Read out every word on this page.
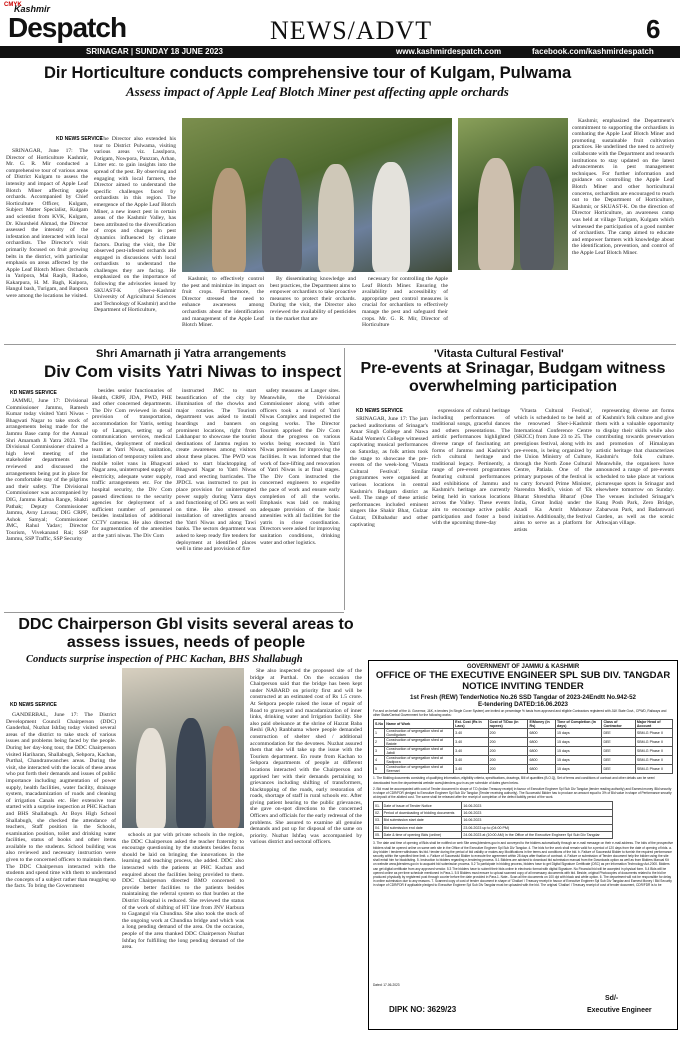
CMYK
Kashmir
Despatch	NEWS/ADVT	6
SRINAGAR | SUNDAY 18 JUNE 2023	www.kashmirdespatch.com	facebook.com/kashmirdespatch
Dir Horticulture conducts comprehensive tour of Kulgam, Pulwama
Assess impact of Apple Leaf Blotch Miner pest affecting apple orchards
KD NEWS SERVICE

SRINAGAR, June 17: The Director of Horticulture Kashmir, Mr. G. R. Mir conducted a comprehensive tour of various areas of District Kulgam to assess the intensity and impact of Apple Leaf Blotch Miner affecting apple orchards. Accompanied by Chief Horticulture Officer, Kulgam, Subject Matter Specialist, Kulgam and scientist from KVK, Kulgam, Dr. Khursheid Ahmad, the Director assessed the intensity of the infestation and interacted with local orchardists. The Director's visit primarily focused on fruit growing belts in the district, with particular emphasis on areas affected by the Apple Leaf Blotch Miner. Orchards in Yaripora, Mai Raqib, Radoo, Kakarpura, H. M. Bagh, Kaipora, Hangul bash, Turigam, and Banpora were among the locations he visited.

The Director also extended his tour to District Pulwama, visiting various areas viz. Lasslpora, Potigam, Nowpora, Panzran, Arhan, Litter etc. to gain insights into the spread of the pest. By observing and engaging with local farmers, the Director aimed to understand the specific challenges faced by orchardists in this region. The emergence of the Apple Leaf Blotch Miner, a new insect pest in certain areas of the Kashmir Valley, has been attributed to the diversification of crops and changes in pest dynamics influenced by climate factors. During the visit, the Dir observed pest-infested orchards and engaged in discussions with local orchardists to understand the challenges they are facing. He emphasized on the importance of following the advisories issued by SKUAST-K (Sher-e-Kashmir University of Agricultural Sciences and Technology of Kashmir) and the Department of Horticulture,

Kashmir, to effectively control the pest and minimize its impact on fruit crops. Furthermore, the Director stressed the need to enhance awareness among orchardists about the identification and management of the Apple Leaf Blotch Miner.

By disseminating knowledge and best practices, the Department aims to empower orchardists to take proactive measures to protect their orchards. During the visit, the Director also reviewed the availability of pesticides in the market that are

necessary for controlling the Apple Leaf Blotch Miner. Ensuring the availability and accessibility of appropriate pest control measures is crucial for orchardists to effectively manage the pest and safeguard their crops. Mr. G. R. Mir, Director of Horticulture

Kashmir, emphasized the Department's commitment to supporting the orchardists in combating the Apple Leaf Blotch Miner and promoting sustainable fruit cultivation practices. He underlined the need to actively collaborate with the Department and research institutions to stay updated on the latest advancements in pest management techniques. For further information and guidance on controlling the Apple Leaf Blotch Miner and other horticultural concerns, orchardists are encouraged to reach out to the Department of Horticulture, Kashmir, or SKUAST-K. On the direction of Director Horticulture, an awareness camp was held at village Turigam, Kulgam which witnessed the participation of a good number of orchardists. The camp aimed to educate and empower farmers with knowledge about the identification, prevention, and control of the Apple Leaf Blotch Miner.

Shri Amarnath ji Yatra arrangements
Div Com visits Yatri Niwas to inspect
KD NEWS SERVICE

JAMMU, June 17: Divisional Commissioner Jammu, Ramesh Kumar today visited Yatri Niwas - Bhagwati Nagar to take stock of arrangements being made for the Jammu Base camp for the Annual Shri Amarnath Ji Yatra 2023. The Divisional Commissioner chaired a high level meeting of the stakeholder departments and reviewed and discussed the arrangements being put in place for the comfortable stay of the pilgrims and their safety. The Divisional Commissioner was accompanied by DIG, Jammu Kathua Range, Shakti Pathak; Deputy Commissioner Jammu, Avny Lavasa; DIG CRPF, Ashok Samyal; Commissioner JMC, Rahul Yadav; Director Tourism, Vivekanand Rai; SSP Jammu, SSP Traffic, SSP Security

besides senior functionaries of Health, CRPF, JDA, PWD, PHE and other concerned departments. The Div Com reviewed in detail provision of transportation, accommodation for Yatris, setting up of Langars, setting up of communication services, medical facilities, deployment of medical team at Yatri Niwas, sanitation, installation of temporary toilets and mobile toilet vans in Bhagwati Nagar area, uninterrupted supply of electricity, adequate water supply, traffic arrangements etc. For the hospital security, the Div Com passed directions to the security agencies for deployment of a sufficient number of personnel besides installation of additional CCTV cameras. He also directed for augmentation of the amenities at the yatri niwas. The Div Com

instructed JMC to start beautification of the city by illumination of the chowks and major rotaries. The Tourism department was asked to install hoardings and banners on prominent locations, right from Lakhanpur to showcase the tourist destinations of Jammu region to create awareness among visitors about these places. The PWD was asked to start blacktopping of Bhagwati Nagar to Yatri Niwas road and erecting barricades. The JPDCL was instructed to put in place provision for uninterrupted power supply during Yatra days and functioning of DG sets as well on time. He also stressed on installation of streetlights around the Yatri Niwas and along Tawi banks. The sectors department was asked to keep ready fire tenders for deployment at identified places well in time and provision of fire

safety measures at Langer sites. Meanwhile, the Divisional Commissioner along with other officers took a round of Yatri Niwas Complex and inspected the ongoing works. The Director Tourism apprised the Div Com about the progress on various works being executed in Yatri Niwas premises for improving the facilities. It was informed that the work of face-lifting and renovation of Yatri Niwas is at final stages. The Div Com instructed the concerned engineers to expedite the pace of work and ensure early completion of all the works. Emphasis was laid on making adequate provision of the basic amenities with all facilities for the yatris in close coordination. Directors were asked for improving sanitation conditions, drinking water and other logistics.

'Vitasta Cultural Festival'
Pre-events at Srinagar, Budgam witness overwhelming participation
KD NEWS SERVICE

SRINAGAR, June 17: The jam packed auditoriums of Srinagar's Amar Singh College and Nawa Kadal Women's College witnessed captivating musical performances on Saturday, as folk artists took the stage to showcase the pre-events of the week-long 'Vitasta Cultural Festival'. Similar programmes were organised at various locations in central Kashmir's Budgam district as well. The range of these artistic performances included eminent singers like Shakir Bhat, Gulzar Gulzar, Dilbahadur and other captivating

expressions of cultural heritage including performances of traditional songs, graceful dances and others presentations. The artistic performances highlighted diverse range of fascinating art forms of Jammu and Kashmir's rich cultural heritage and traditional legacy. Pertinently, a range of pre-event programmes featuring cultural performances and exhibitions of Jammu and Kashmir's heritage are currently being held in various locations across the Valley. These events aim to encourage active public participation and foster a bond with the upcoming three-day

'Vitasta Cultural Festival', which is scheduled to be held at the renowned Sher-i-Kashmir International Conference Centre (SKICC) from June 23 to 25. The prestigious festival, along with its pre-events, is being organized by the Union Ministry of Culture, through the North Zone Cultural Centre, Patiala. One of the primary purposes of the festival is to carry forward Prime Minister, Narendra Modi's, vision of 'Ek Bharat Shreshtha Bharat' (One India, Great India) under the Azadi Ka Amrit Mahotsav initiative. Additionally, the festival aims to serve as a platform for artists

representing diverse art forms of Kashmir's folk culture and give them with a valuable opportunity to display their skills while also contributing towards preservation and promotion of Himalayan artistic heritage that characterizes Kashmir's folk culture. Meanwhile, the organisers have announced a range of pre-events scheduled to take place at various picturesque spots in Srinagar and elsewhere tomorrow on Sunday. The venues included Srinagar's Kang Posh Park, Zero Bridge, Zabarwan Park, and Badamwari Garden, as well as the scenic Athwajan village.

DDC Chairperson Gbl visits several areas to assess issues, needs of people
Conducts surprise inspection of PHC Kachan, BHS Shallabugh
KD NEWS SERVICE

GANDERBAL, June 17: The District Development Council Chairperson (DDC) Ganderbal, Nuzhat Ishfaq today visited several areas of the district to take stock of various issues and problems being faced by the people. During her day-long tour, the DDC Chairperson visited Hariharan, Shallabugh, Sehpora, Kachan, Purthal, Chandranwanches areas. During the visit, she interacted with the locals of these areas who put forth their demands and issues of public importance including augmentation of power supply, health facilities, water facility, drainage system, macadamization of roads and cleaning of irrigation Canals etc. Her extensive tour started with a surprise inspection at PHC Kachan and BHS Shallabugh. At Boys High School Shallabugh, she checked the attendance of teachers, Staff position in the Schools, examination position, toilet and drinking water facilities, status of books and other items available to the students. School building was also reviewed and necessary instruction were given to the concerned officers to maintain them. The DDC Chairperson interacted with the students and spend time with them to understand the concepts of a subject rather than mugging up the facts. To bring the Government

schools at par with private schools in the region, the DDC Chairperson asked the teacher fraternity to encourage questioning by the students besides focus should be laid on bringing the innovations in the learning and teaching process, she added. DDC also interacted with the patients at PHC Kachan and enquired about the facilities being provided to them. DDC Chairperson directed BMO concerned to provide better facilities to the patients besides maintaining the referral system so that burden at the District Hospital is reduced. She reviewed the status of the work of shifting of HT line from JNV Harbura to Gagangul via Chundina. She also took the stock of the ongoing work at Chundina bridge and which was a long pending demand of the area. On the occasion, people of the area thanked DDC Chairperson Nuzhat Ishfaq for fulfilling the long pending demand of the area.

She also inspected the proposed site of the bridge at Purthal. On the occasion the Chairperson said that the bridge has been kept under NABARD on priority first and will be constructed at an estimated cost of Rs 1.5 crore. At Sehpora people raised the issue of repair of Road to graveyard and macadamization of inner links, drinking water and Irrigation facility. She also paid obeisance at the shrine of Hazrat Baba Reshi (RA) Ranbhama where people demanded construction of shelter shed / additional accommodation for the devotees. Nuzhat assured them that she will take up the issue with the Tourism department. En route from Kachan to Sehpora departments of people at different locations interacted with the Chairperson and apprised her with their demands pertaining to grievances including shifting of transformers, blacktopping of the roads, early restoration of roads, shortage of staff in rural schools etc. After giving patient hearing to the public grievances, she gave on-spot directions to the concerned Officers and officials for the early redressal of the problems. She assured to examine all genuine demands and put up for disposal of the same on priority. Nuzhat Ishfaq was accompanied by various district and sectoral officers.

GOVERNMENT OF JAMMU & KASHMIR
OFFICE OF THE EXECUTIVE ENGINEER SPL SUB DIV. TANGDAR
NOTICE INVITING TENDER
1st Fresh (REW) TenderNotice No.26 SSD Tangdar of 2023-24Endtt No.942-52
E-tendering DATED:16.06.2023
For and on behalf of the Lt. Governor, J&K, e-tenders (in Single Cover System) are invited on percentage % basis from approved and eligible Contractors registered with J&K State Govt., CPWD, Railways and other State/Central Government for the following works:
S.No	Name of Work	Est. Cost (Rs in Lacs)	Cost of T/Doc (in rupees)	E/Money (in Rs)	Time of Completion (in days)	Class of Contractor	Major Head of Account
1	Construction of segregation shed at Gundigutam	3.40	200	6800	15 days	DEE	SBM-G Phase II
2	Construction of segregation shed at Batote	3.40	200	6800	15 days	DEE	SBM-G Phase II
3	Construction of segregation shed at Jabdi	3.40	200	6800	15 days	DEE	SBM-G Phase II
4	Construction of segregation shed at Sadipora	3.40	200	6800	15 days	DEE	SBM-G Phase II
5	Construction of segregation shed at Seemari	3.40	200	6800	15 days	DEE	SBM-G Phase II
1. The Bidding documents consisting of qualifying information, eligibility criteria, specifications, drawings, Bill of quantities (B.O.Q), Set of terms and conditions of contract and other details can be seen/ downloaded from the departmental website www.jktenders.gov.in as per schedule of dates given below.
2. Bid must be accompanied with cost of Tender document in shape of T.D (Indian Treasury receipt) in favour of Executive Engineer Spl Sub Div Tangdar (tender reading authority) and Earnest money /Bid security in shape of CDR/FDR pledged to Executive Engineer Spl Sub Div Tangdar (Tender receiving authority). The Successful Bidder has to produce an amount equal to 3% of Bid value in shape of Performance security at deposit of the allotted cost. The same shall be released after the receipt of completion of the defect liability period of the work.
01.	Date of issue of Tender Notice	16.06.2023
02.	Period of downloading of bidding documents	16.06.2023
03.	Bid submission start date	16.06.2023
04.	Bid submission end date	23.06.2023 up to (04:00 PM)
05.	Date & time of opening Bids (online)	24.06.2023 at (10:00 AM) in the Office of the Executive Engineer Spl Sub Div Tangdar
3. The date and time of opening of Bids shall be notified on web Site www.jktenders.gov.in and conveyed to the bidders automatically through an e-mail message on their e-mail address. The bids of the prospective bidders shall be opened online on same web site in the Office of the Executive Engineer Spl Sub Div Tangdar. 4. The bids for the work shall remain valid for a period of 120 days from the date of opening of bids. a. Any bidder / tenderer withdraws his bid / tender during the period of bid validity or makes any Modifications in the terms and conditions of the bid. b. Failure of Successful Bidder to furnish the required performance security within the specified time limit. c. Failure of Successful Bidder to execute the agreement within 28 days after fixation of contract. d. Failure or submission of Tender document help the bidder using the site shall entail him for blacklisting. 5. Instruction to bidders regarding e-tendering process. 5.1 Bidders are advised to download bid submission manual from the Downloads option as well as from Bidders Manual Kit on website www.jktenders.gov.in to acquaint bid submission process. 5.2 To participate in bidding process, bidders have to get Digital Signature Certificate (DSC) as per Information Technology Act-2000. Bidders can get digital certificate from any approved vendor. 5.3 The bidders have to submit their bids online in electronic format with digital Signature. No Financial bid will be accepted in physical form. 5.4 Bids will be opened online as per time schedule mentioned in Para-1. 5.5 Bidders must ensure to upload scanned copy of all necessary documents with bid. Beside, original Photocopies of documents related to the bid be produced physically by registered post through courier before the date provided in Para-1. Note:- Scan all the documents on 100 dpi with black and white option. 6. The department will not be responsible for delay in online submission due to any reasons. 7. Scanned copy of cost of tender document in shape of 'Challan' / Treasury receipt in favour of Executive Engineer Spl Sub Div Tangdar and Earnest Money / Bid Security in shape of CDR/FDR if applicable pledged to Executive Engineer Spl Sub Div Tangdar must be uploaded with the bid. The original 'Challan' / Treasury receipt of cost of tender document, CDR/FDR is to be
Dated: 17-06-2023
DIPK NO: 3629/23
Sd/-
Executive Engineer
